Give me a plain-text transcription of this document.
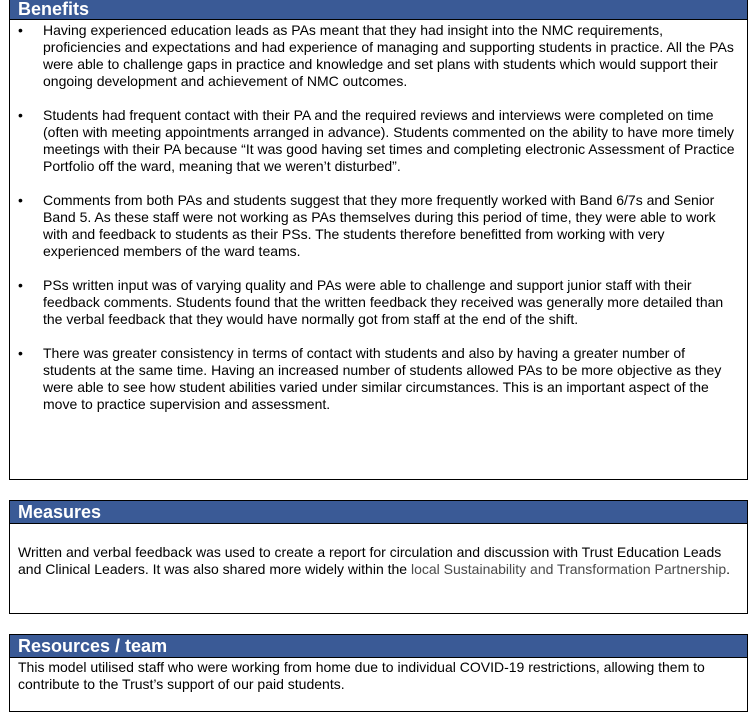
Benefits
• Having experienced education leads as PAs meant that they had insight into the NMC requirements, proficiencies and expectations and had experience of managing and supporting students in practice. All the PAs were able to challenge gaps in practice and knowledge and set plans with students which would support their ongoing development and achievement of NMC outcomes.
• Students had frequent contact with their PA and the required reviews and interviews were completed on time (often with meeting appointments arranged in advance). Students commented on the ability to have more timely meetings with their PA because “It was good having set times and completing electronic Assessment of Practice Portfolio off the ward, meaning that we weren’t disturbed”.
• Comments from both PAs and students suggest that they more frequently worked with Band 6/7s and Senior Band 5. As these staff were not working as PAs themselves during this period of time, they were able to work with and feedback to students as their PSs. The students therefore benefitted from working with very experienced members of the ward teams.
• PSs written input was of varying quality and PAs were able to challenge and support junior staff with their feedback comments. Students found that the written feedback they received was generally more detailed than the verbal feedback that they would have normally got from staff at the end of the shift.
• There was greater consistency in terms of contact with students and also by having a greater number of students at the same time. Having an increased number of students allowed PAs to be more objective as they were able to see how student abilities varied under similar circumstances. This is an important aspect of the move to practice supervision and assessment.
Measures
Written and verbal feedback was used to create a report for circulation and discussion with Trust Education Leads and Clinical Leaders. It was also shared more widely within the local Sustainability and Transformation Partnership.
Resources / team
This model utilised staff who were working from home due to individual COVID-19 restrictions, allowing them to contribute to the Trust’s support of our paid students.
